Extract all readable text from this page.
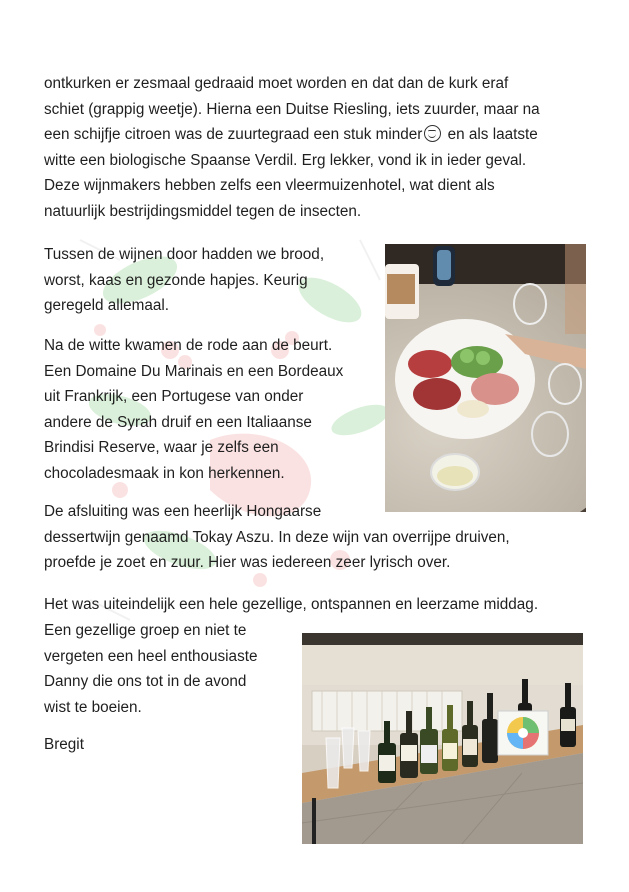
ontkurken er zesmaal gedraaid moet worden en dat dan de kurk eraf
schiet (grappig weetje). Hierna een Duitse Riesling, iets zuurder, maar na
een schijfje citroen was de zuurtegraad een stuk minder en als laatste
witte een biologische Spaanse Verdil. Erg lekker, vond ik in ieder geval.
Deze wijnmakers hebben zelfs een vleermuizenhotel, wat dient als
natuurlijk bestrijdingsmiddel tegen de insecten.
Tussen de wijnen door hadden we brood,
worst, kaas en gezonde hapjes. Keurig
geregeld allemaal.
Na de witte kwamen de rode aan de beurt.
Een Domaine Du Marinais en een Bordeaux
uit Frankrijk, een Portugese van onder
andere de Syrah druif en een Italiaanse
Brindisi Reserve, waar je zelfs een
chocoladesmaak in kon herkennen.
De afsluiting was een heerlijk Hongaarse
dessertwijn genaamd Tokay Aszu. In deze wijn van overrijpe druiven,
proefde je zoet en zuur. Hier was iedereen zeer lyrisch over.
Het was uiteindelijk een hele gezellige, ontspannen en leerzame middag.
Een gezellige groep en niet te
vergeten een heel enthousiaste
Danny die ons tot in de avond
wist te boeien.
Bregit
